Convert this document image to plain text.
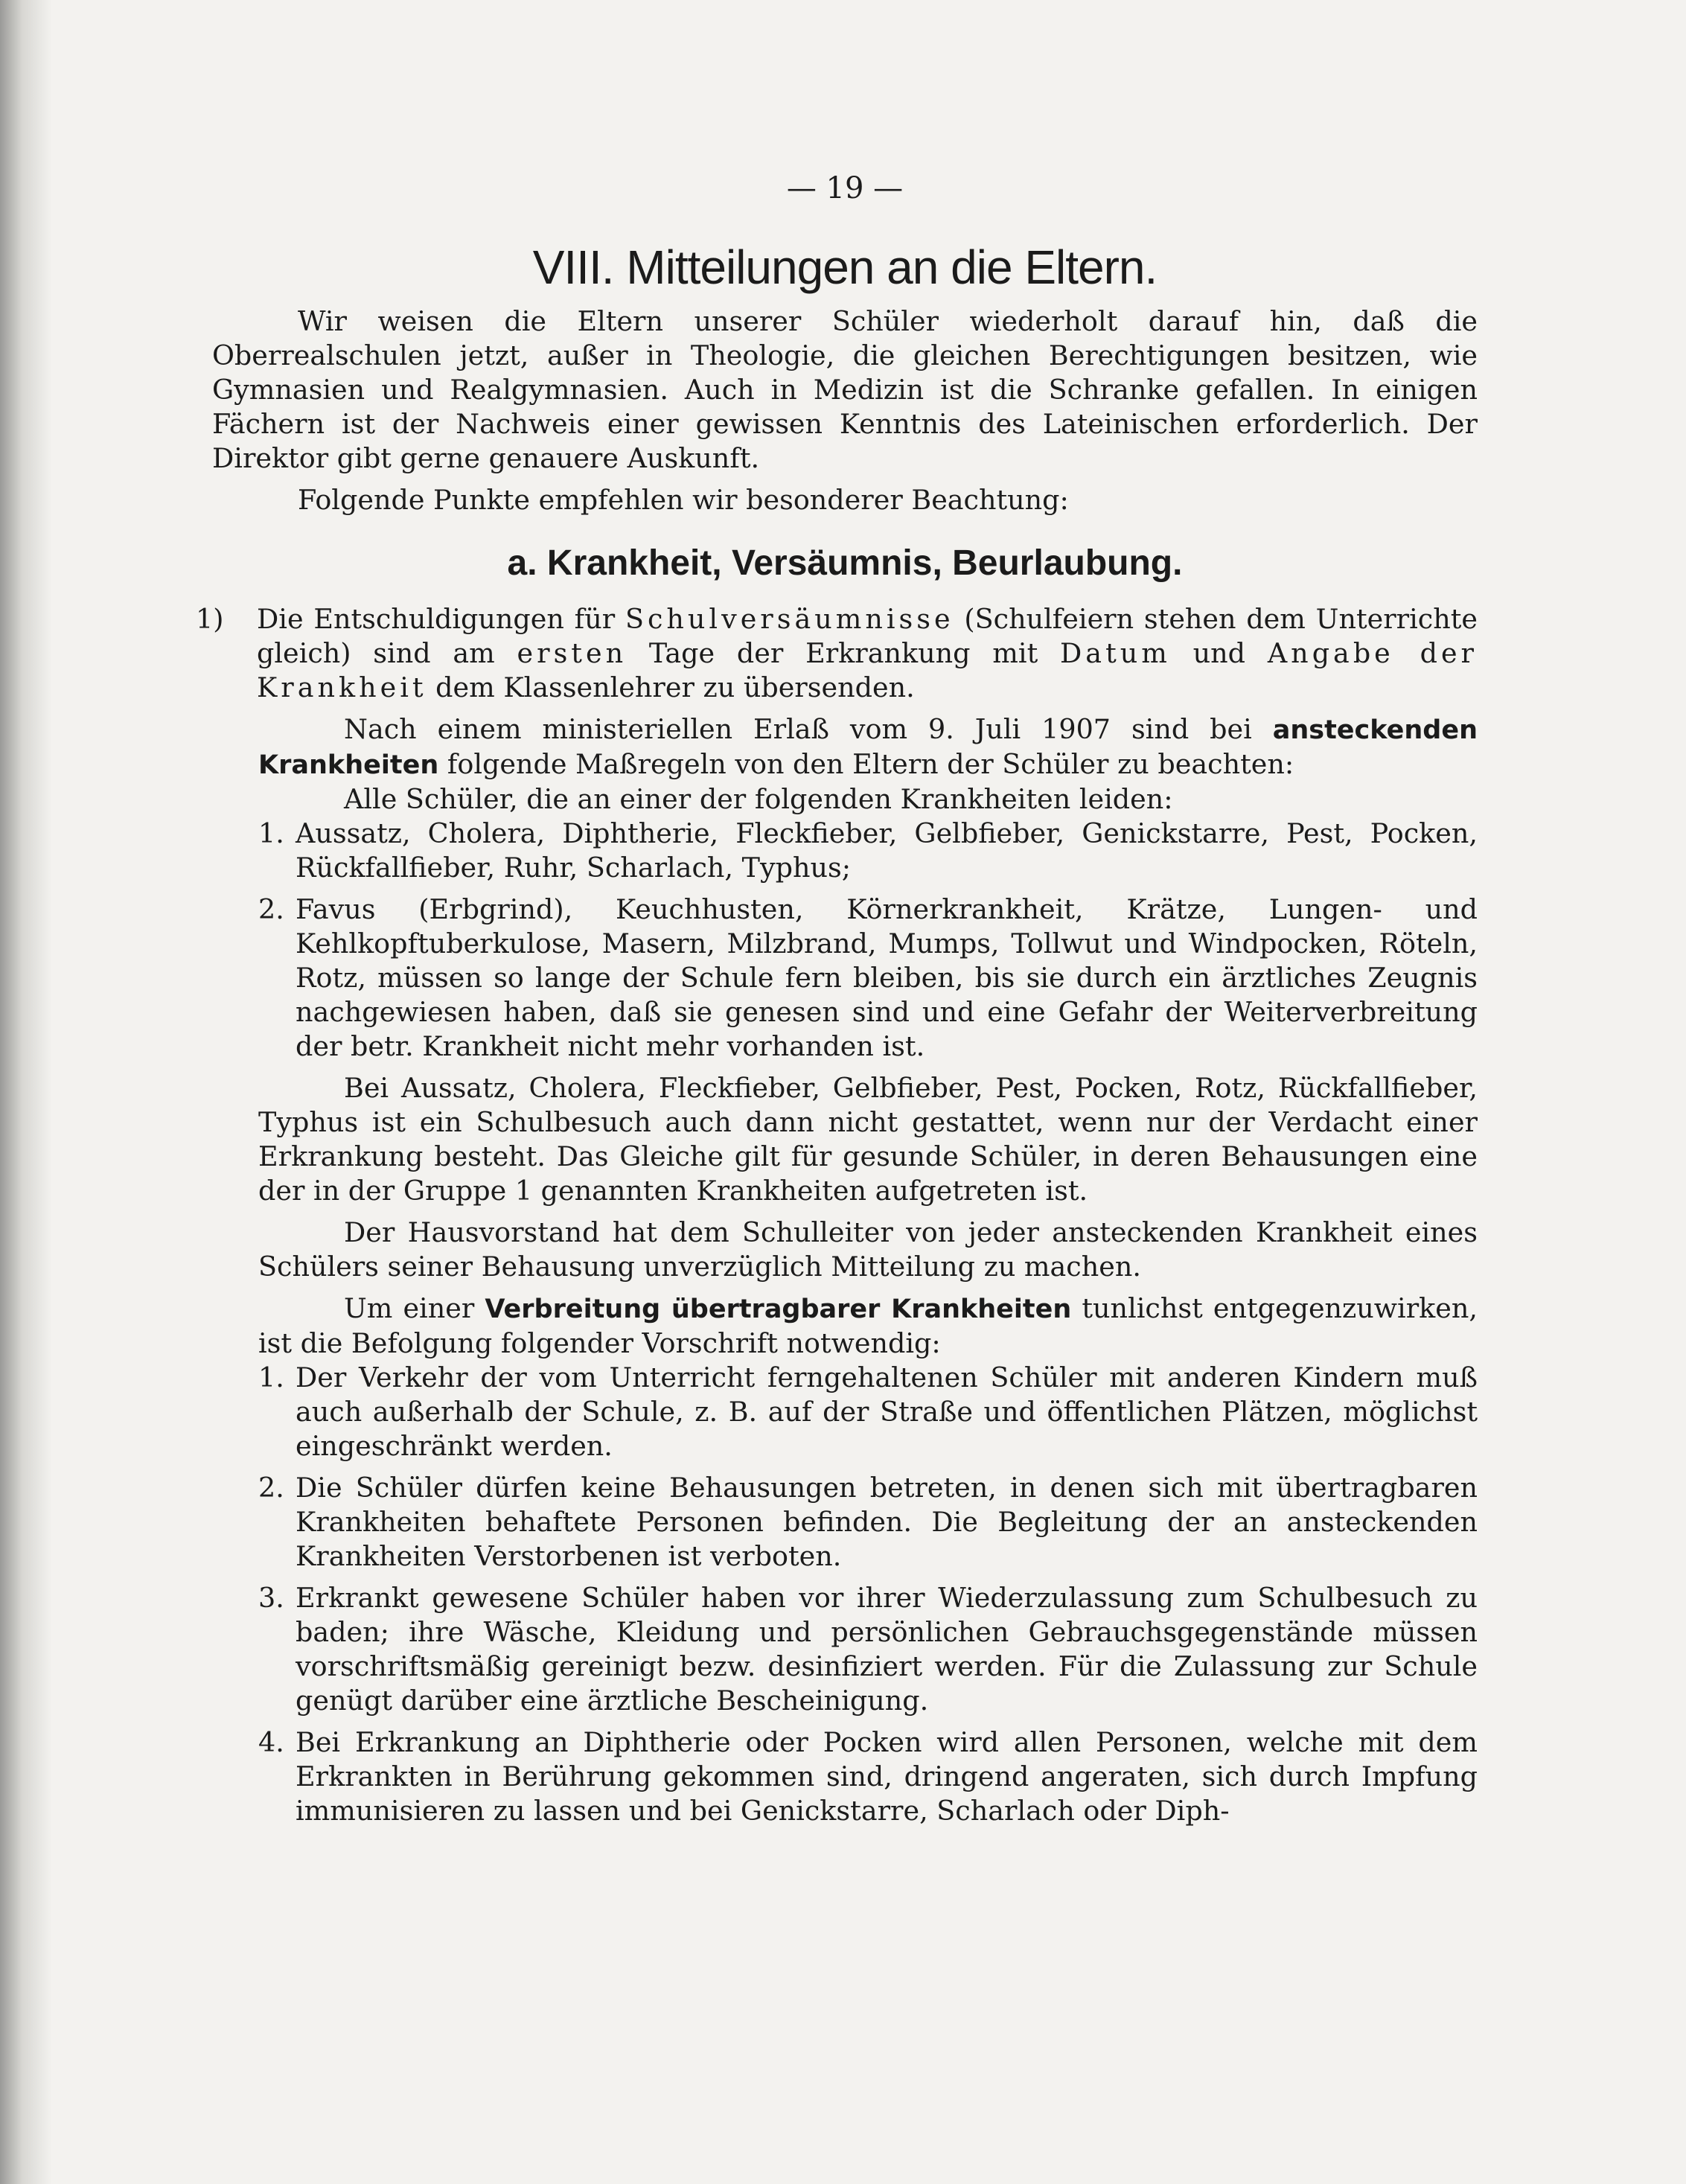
— 19 —
VIII. Mitteilungen an die Eltern.

Wir weisen die Eltern unserer Schüler wiederholt darauf hin, daß die Oberrealschulen jetzt, außer in Theologie, die gleichen Berechtigungen besitzen, wie Gymnasien und Realgymnasien. Auch in Medizin ist die Schranke gefallen. In einigen Fächern ist der Nachweis einer gewissen Kenntnis des Lateinischen erforderlich. Der Direktor gibt gerne genauere Auskunft.

Folgende Punkte empfehlen wir besonderer Beachtung:

a. Krankheit, Versäumnis, Beurlaubung.

1) Die Entschuldigungen für Schulversäumnisse (Schulfeiern stehen dem Unterrichte gleich) sind am ersten Tage der Erkrankung mit Datum und Angabe der Krankheit dem Klassenlehrer zu übersenden.

Nach einem ministeriellen Erlaß vom 9. Juli 1907 sind bei ansteckenden Krankheiten folgende Maßregeln von den Eltern der Schüler zu beachten:

Alle Schüler, die an einer der folgenden Krankheiten leiden:

1. Aussatz, Cholera, Diphtherie, Fleckfieber, Gelbfieber, Genickstarre, Pest, Pocken, Rückfallfieber, Ruhr, Scharlach, Typhus;

2. Favus (Erbgrind), Keuchhusten, Körnerkrankheit, Krätze, Lungen- und Kehlkopftuberkulose, Masern, Milzbrand, Mumps, Tollwut und Windpocken, Röteln, Rotz, müssen so lange der Schule fern bleiben, bis sie durch ein ärztliches Zeugnis nachgewiesen haben, daß sie genesen sind und eine Gefahr der Weiterverbreitung der betr. Krankheit nicht mehr vorhanden ist.

Bei Aussatz, Cholera, Fleckfieber, Gelbfieber, Pest, Pocken, Rotz, Rückfallfieber, Typhus ist ein Schulbesuch auch dann nicht gestattet, wenn nur der Verdacht einer Erkrankung besteht. Das Gleiche gilt für gesunde Schüler, in deren Behausungen eine der in der Gruppe 1 genannten Krankheiten aufgetreten ist.

Der Hausvorstand hat dem Schulleiter von jeder ansteckenden Krankheit eines Schülers seiner Behausung unverzüglich Mitteilung zu machen.

Um einer Verbreitung übertragbarer Krankheiten tunlichst entgegenzuwirken, ist die Befolgung folgender Vorschrift notwendig:

1. Der Verkehr der vom Unterricht ferngehaltenen Schüler mit anderen Kindern muß auch außerhalb der Schule, z. B. auf der Straße und öffentlichen Plätzen, möglichst eingeschränkt werden.

2. Die Schüler dürfen keine Behausungen betreten, in denen sich mit übertragbaren Krankheiten behaftete Personen befinden. Die Begleitung der an ansteckenden Krankheiten Verstorbenen ist verboten.

3. Erkrankt gewesene Schüler haben vor ihrer Wiederzulassung zum Schulbesuch zu baden; ihre Wäsche, Kleidung und persönlichen Gebrauchsgegenstände müssen vorschriftsmäßig gereinigt bezw. desinfiziert werden. Für die Zulassung zur Schule genügt darüber eine ärztliche Bescheinigung.

4. Bei Erkrankung an Diphtherie oder Pocken wird allen Personen, welche mit dem Erkrankten in Berührung gekommen sind, dringend angeraten, sich durch Impfung immunisieren zu lassen und bei Genickstarre, Scharlach oder Diph-
